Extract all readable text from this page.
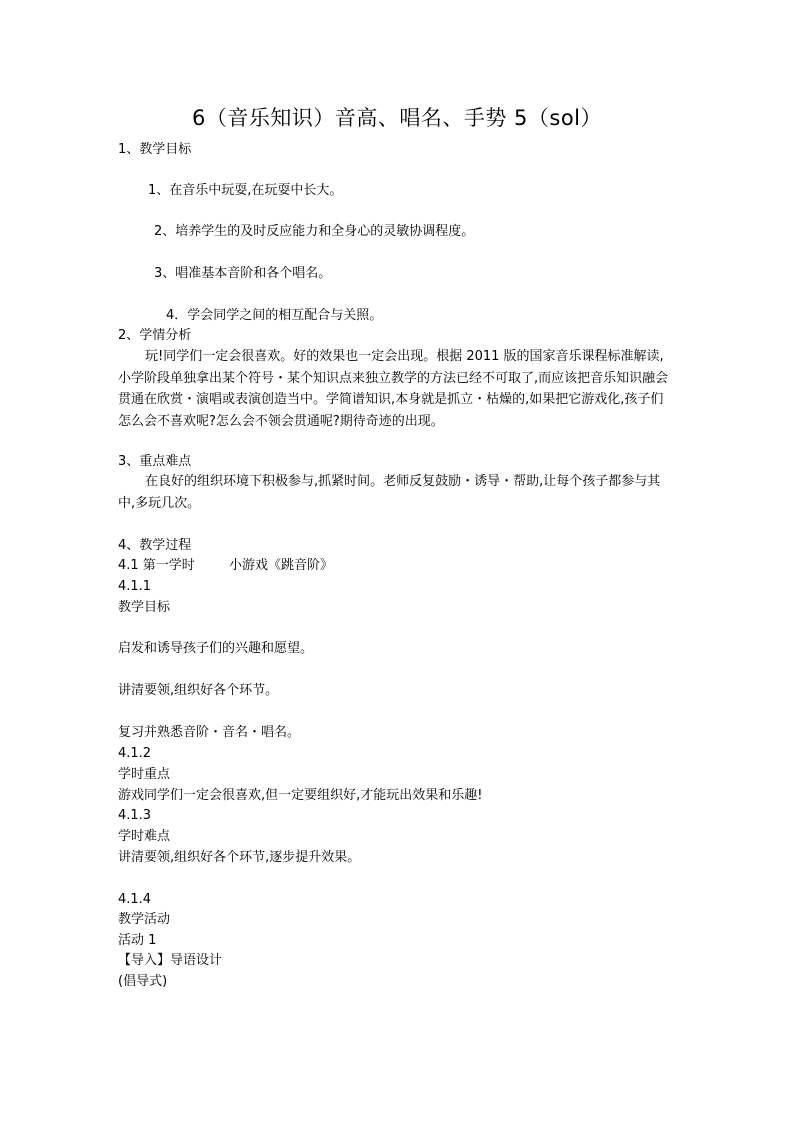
6（音乐知识）音高、唱名、手势 5（sol）
1、教学目标
1、在音乐中玩耍,在玩耍中长大。
2、培养学生的及时反应能力和全身心的灵敏协调程度。
3、唱准基本音阶和各个唱名。
4．学会同学之间的相互配合与关照。
2、学情分析
玩!同学们一定会很喜欢。好的效果也一定会出现。根据 2011 版的国家音乐课程标准解读,小学阶段单独拿出某个符号・某个知识点来独立教学的方法已经不可取了,而应该把音乐知识融会贯通在欣赏・演唱或表演创造当中。学简谱知识,本身就是抓立・枯燥的,如果把它游戏化,孩子们怎么会不喜欢呢?怎么会不领会贯通呢?期待奇迹的出现。
3、重点难点
在良好的组织环境下积极参与,抓紧时间。老师反复鼓励・诱导・帮助,让每个孩子都参与其中,多玩几次。
4、教学过程
4.1 第一学时	小游戏《跳音阶》
4.1.1
教学目标
启发和诱导孩子们的兴趣和愿望。
讲清要领,组织好各个环节。
复习并熟悉音阶・音名・唱名。
4.1.2
学时重点
游戏同学们一定会很喜欢,但一定要组织好,才能玩出效果和乐趣!
4.1.3
学时难点
讲清要领,组织好各个环节,逐步提升效果。
4.1.4
教学活动
活动 1
【导入】导语设计
(倡导式)
